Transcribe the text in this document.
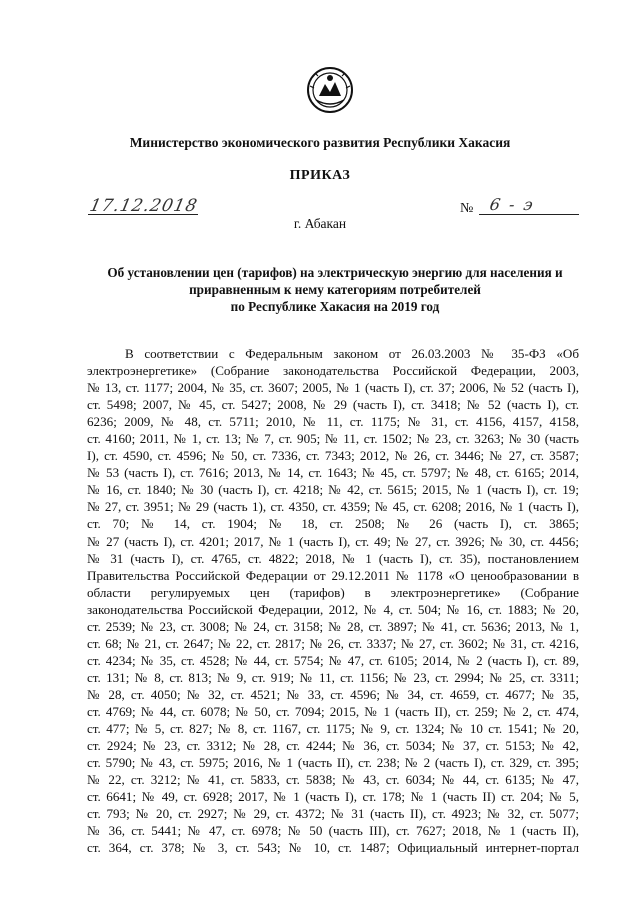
Министерство экономического развития Республики Хакасия
ПРИКАЗ
17.12.2018	№ 6 - э
г. Абакан
Об установлении цен (тарифов) на электрическую энергию для населения и
приравненным к нему категориям потребителей
по Республике Хакасия на 2019 год
В соответствии с Федеральным законом от 26.03.2003 № 35-ФЗ «Об
электроэнергетике» (Собрание законодательства Российской Федерации, 2003,
№ 13, ст. 1177; 2004, № 35, ст. 3607; 2005, № 1 (часть I), ст. 37; 2006, № 52 (часть I),
ст. 5498; 2007, № 45, ст. 5427; 2008, № 29 (часть I), ст. 3418; № 52 (часть I), ст.
6236; 2009, № 48, ст. 5711; 2010, № 11, ст. 1175; № 31, ст. 4156, 4157, 4158,
ст. 4160; 2011, № 1, ст. 13; № 7, ст. 905; № 11, ст. 1502; № 23, ст. 3263; № 30 (часть
I), ст. 4590, ст. 4596; № 50, ст. 7336, ст. 7343; 2012, № 26, ст. 3446; № 27, ст. 3587;
№ 53 (часть I), ст. 7616; 2013, № 14, ст. 1643; № 45, ст. 5797; № 48, ст. 6165; 2014,
№ 16, ст. 1840; № 30 (часть I), ст. 4218; № 42, ст. 5615; 2015, № 1 (часть I), ст. 19;
№ 27, ст. 3951; № 29 (часть 1), ст. 4350, ст. 4359; № 45, ст. 6208; 2016, № 1 (часть I),
ст. 70; № 14, ст. 1904; № 18, ст. 2508; № 26 (часть I), ст. 3865;
№ 27 (часть I), ст. 4201; 2017, № 1 (часть I), ст. 49; № 27, ст. 3926; № 30, ст. 4456;
№ 31 (часть I), ст. 4765, ст. 4822; 2018, № 1 (часть I), ст. 35), постановлением
Правительства Российской Федерации от 29.12.2011 № 1178 «О ценообразовании в
области регулируемых цен (тарифов) в электроэнергетике» (Собрание
законодательства Российской Федерации, 2012, № 4, ст. 504; № 16, ст. 1883; № 20,
ст. 2539; № 23, ст. 3008; № 24, ст. 3158; № 28, ст. 3897; № 41, ст. 5636; 2013, № 1,
ст. 68; № 21, ст. 2647; № 22, ст. 2817; № 26, ст. 3337; № 27, ст. 3602; № 31, ст. 4216,
ст. 4234; № 35, ст. 4528; № 44, ст. 5754; № 47, ст. 6105; 2014, № 2 (часть I), ст. 89,
ст. 131; № 8, ст. 813; № 9, ст. 919; № 11, ст. 1156; № 23, ст. 2994; № 25, ст. 3311;
№ 28, ст. 4050; № 32, ст. 4521; № 33, ст. 4596; № 34, ст. 4659, ст. 4677; № 35,
ст. 4769; № 44, ст. 6078; № 50, ст. 7094; 2015, № 1 (часть II), ст. 259; № 2, ст. 474,
ст. 477; № 5, ст. 827; № 8, ст. 1167, ст. 1175; № 9, ст. 1324; № 10 ст. 1541; № 20,
ст. 2924; № 23, ст. 3312; № 28, ст. 4244; № 36, ст. 5034; № 37, ст. 5153; № 42,
ст. 5790; № 43, ст. 5975; 2016, № 1 (часть II), ст. 238; № 2 (часть I), ст. 329, ст. 395;
№ 22, ст. 3212; № 41, ст. 5833, ст. 5838; № 43, ст. 6034; № 44, ст. 6135; № 47,
ст. 6641; № 49, ст. 6928; 2017, № 1 (часть I), ст. 178; № 1 (часть II) ст. 204; № 5,
ст. 793; № 20, ст. 2927; № 29, ст. 4372; № 31 (часть II), ст. 4923; № 32, ст. 5077;
№ 36, ст. 5441; № 47, ст. 6978; № 50 (часть III), ст. 7627; 2018, № 1 (часть II),
ст. 364, ст. 378; № 3, ст. 543; № 10, ст. 1487; Официальный интернет-портал
